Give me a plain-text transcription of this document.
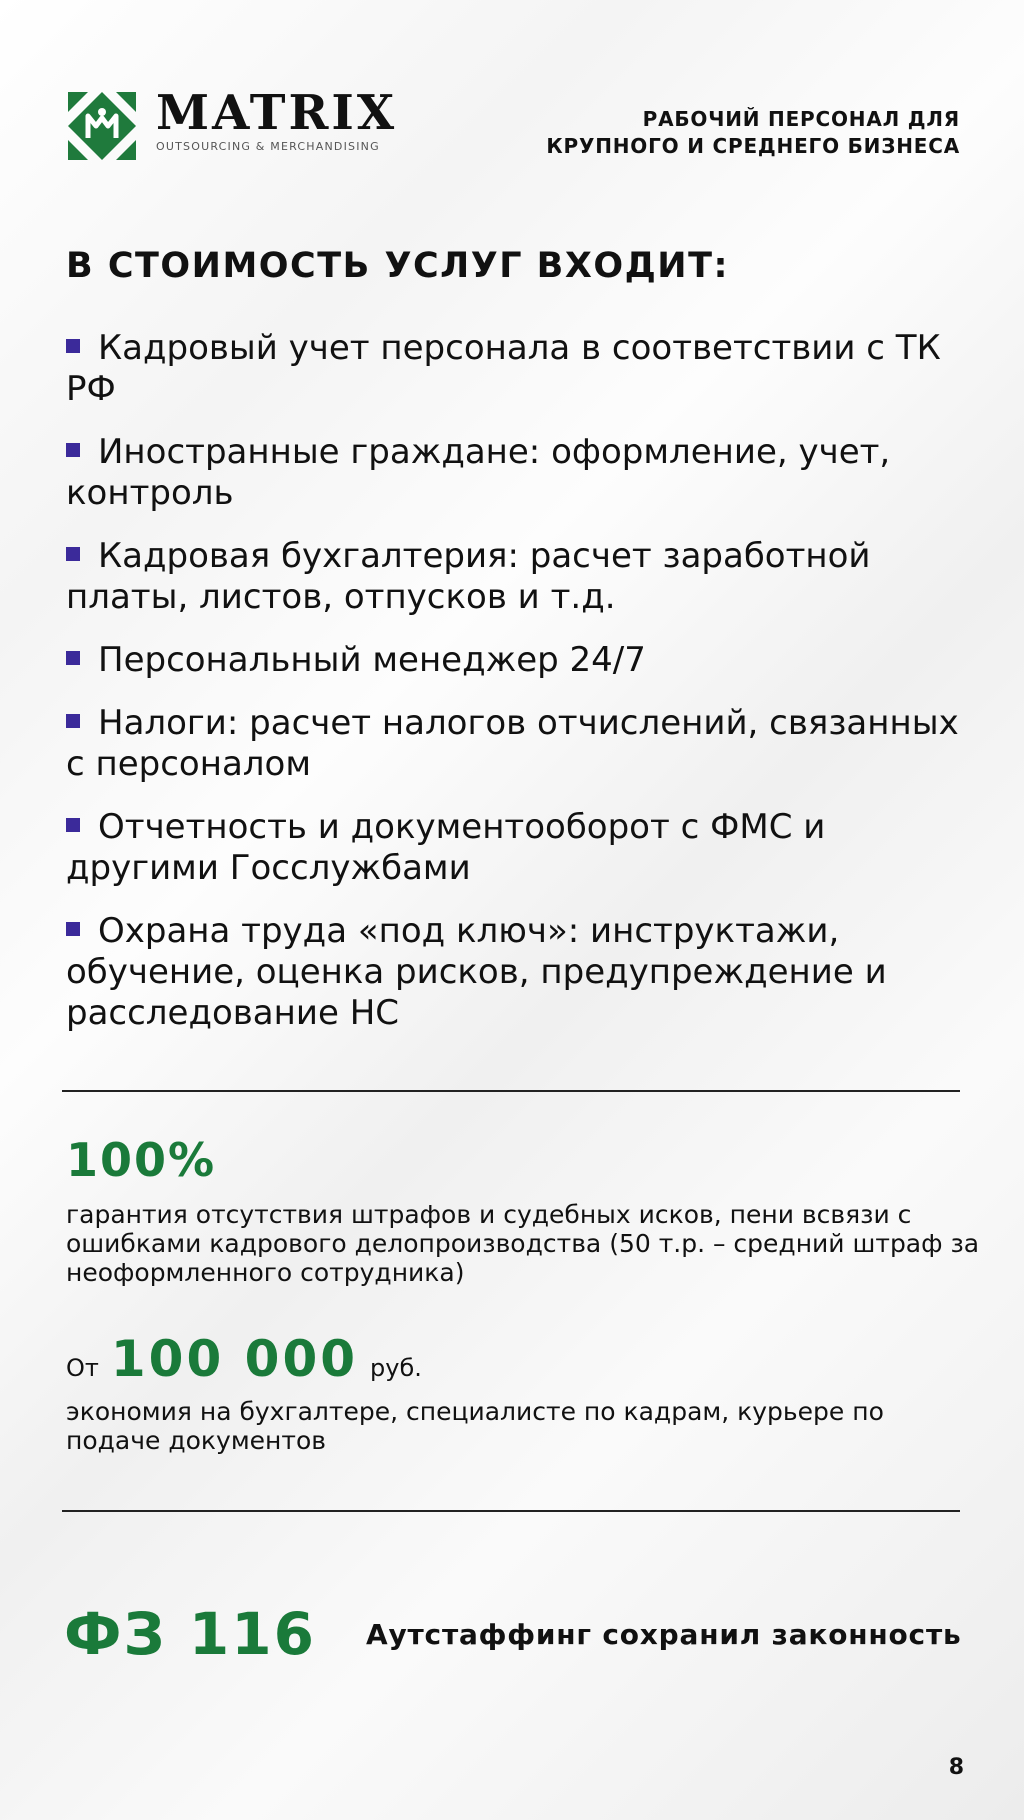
MATRIX
OUTSOURCING & MERCHANDISING
РАБОЧИЙ ПЕРСОНАЛ ДЛЯ
КРУПНОГО И СРЕДНЕГО БИЗНЕСА
В СТОИМОСТЬ УСЛУГ ВХОДИТ:
Кадровый учет персонала в соответствии с ТК РФ
Иностранные граждане: оформление, учет, контроль
Кадровая бухгалтерия: расчет заработной платы, листов, отпусков и т.д.
Персональный менеджер 24/7
Налоги: расчет налогов отчислений, связанных с персоналом
Отчетность и документооборот с ФМС и другими Госслужбами
Охрана труда «под ключ»: инструктажи, обучение, оценка рисков, предупреждение и расследование НС
100%
гарантия отсутствия штрафов и судебных исков, пени всвязи с ошибками кадрового делопроизводства (50 т.р. – средний штраф за неоформленного сотрудника)
От 100 000 руб.
экономия на бухгалтере, специалисте по кадрам, курьере по подаче документов
ФЗ 116 Аутстаффинг сохранил законность
8
